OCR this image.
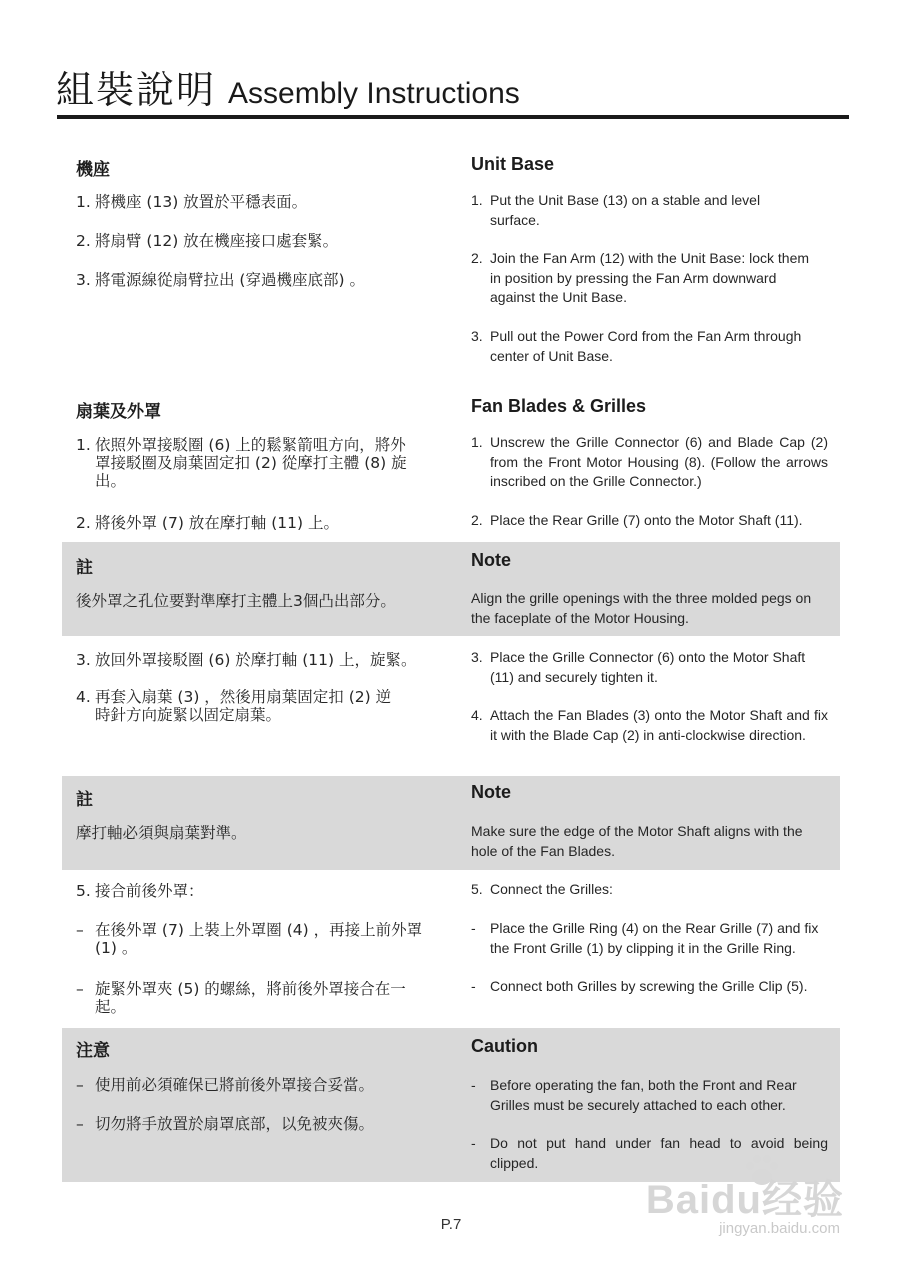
組裝說明 Assembly Instructions
機座
1. 將機座 (13) 放置於平穩表面。
2. 將扇臂 (12) 放在機座接口處套緊。
3. 將電源線從扇臂拉出 (穿過機座底部) 。
Unit Base
1. Put the Unit Base (13) on a stable and level surface.
2. Join the Fan Arm (12) with the Unit Base: lock them in position by pressing the Fan Arm downward against the Unit Base.
3. Pull out the Power Cord from the Fan Arm through center of Unit Base.
扇葉及外罩
1. 依照外罩接駁圈 (6) 上的鬆緊箭咀方向，將外罩接駁圈及扇葉固定扣 (2) 從摩打主體 (8) 旋出。
2. 將後外罩 (7) 放在摩打軸 (11) 上。
Fan Blades & Grilles
1. Unscrew the Grille Connector (6) and Blade Cap (2) from the Front Motor Housing (8). (Follow the arrows inscribed on the Grille Connector.)
2. Place the Rear Grille (7) onto the Motor Shaft (11).
註
後外罩之孔位要對準摩打主體上3個凸出部分。
Note
Align the grille openings with the three molded pegs on the faceplate of the Motor Housing.
3. 放回外罩接駁圈 (6) 於摩打軸 (11) 上，旋緊。
4. 再套入扇葉 (3) ，然後用扇葉固定扣 (2) 逆時針方向旋緊以固定扇葉。
3. Place the Grille Connector (6) onto the Motor Shaft (11) and securely tighten it.
4. Attach the Fan Blades (3) onto the Motor Shaft and fix it with the Blade Cap (2) in anti-clockwise direction.
註
摩打軸必須與扇葉對準。
Note
Make sure the edge of the Motor Shaft aligns with the hole of the Fan Blades.
5. 接合前後外罩：
– 在後外罩 (7) 上裝上外罩圈 (4) ，再接上前外罩 (1) 。
– 旋緊外罩夾 (5) 的螺絲，將前後外罩接合在一起。
5. Connect the Grilles:
-	Place the Grille Ring (4) on the Rear Grille (7) and fix the Front Grille (1) by clipping it in the Grille Ring.
-	Connect both Grilles by screwing the Grille Clip (5).
注意
– 使用前必須確保已將前後外罩接合妥當。
– 切勿將手放置於扇罩底部，以免被夾傷。
Caution
-	Before operating the fan, both the Front and Rear Grilles must be securely attached to each other.
-	Do not put hand under fan head to avoid being clipped.
P.7
Baidu经验
jingyan.baidu.com
